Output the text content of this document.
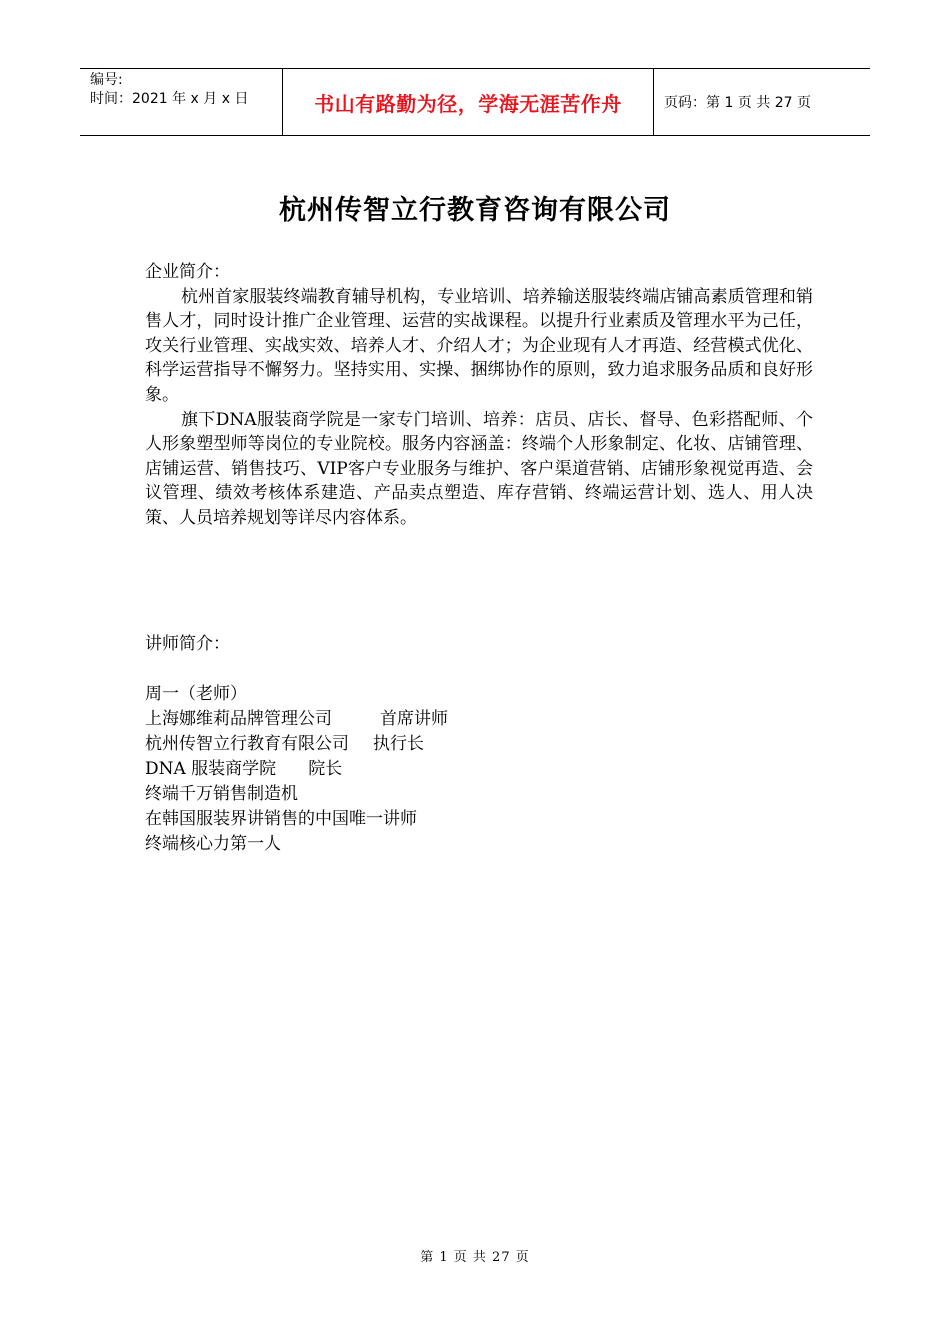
编号:
时间：2021 年 x 月 x 日	书山有路勤为径，学海无涯苦作舟	页码：第 1 页 共 27 页
杭州传智立行教育咨询有限公司

企业简介：

杭州首家服装终端教育辅导机构，专业培训、培养输送服装终端店铺高素质管理和销售人才，同时设计推广企业管理、运营的实战课程。以提升行业素质及管理水平为己任，攻关行业管理、实战实效、培养人才、介绍人才；为企业现有人才再造、经营模式优化、科学运营指导不懈努力。坚持实用、实操、捆绑协作的原则，致力追求服务品质和良好形象。

旗下DNA服装商学院是一家专门培训、培养：店员、店长、督导、色彩搭配师、个人形象塑型师等岗位的专业院校。服务内容涵盖：终端个人形象制定、化妆、店铺管理、店铺运营、销售技巧、VIP客户专业服务与维护、客户渠道营销、店铺形象视觉再造、会议管理、绩效考核体系建造、产品卖点塑造、库存营销、终端运营计划、选人、用人决策、人员培养规划等详尽内容体系。

讲师简介：

周一（老师）

上海娜维莉品牌管理公司	首席讲师

杭州传智立行教育有限公司 执行长

DNA 服装商学院 院长

终端千万销售制造机

在韩国服装界讲销售的中国唯一讲师

终端核心力第一人

第 1 页 共 27 页
